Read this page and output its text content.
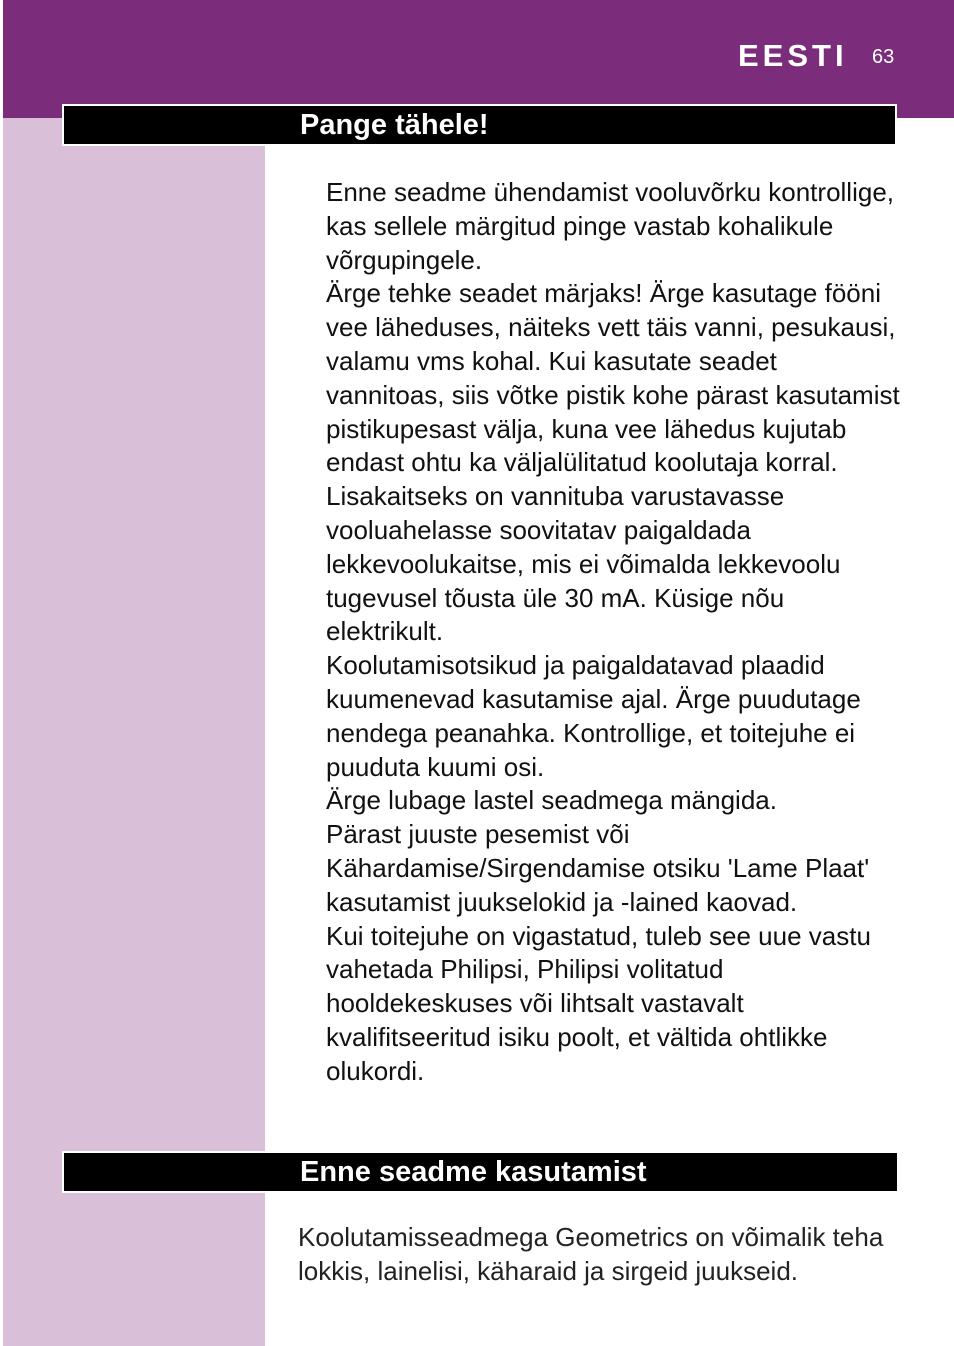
EESTI 63
Pange tähele!
Enne seadme ühendamist vooluvõrku kontrollige, kas sellele märgitud pinge vastab kohalikule võrgupingele.
Ärge tehke seadet märjaks! Ärge kasutage fööni vee läheduses, näiteks vett täis vanni, pesukausi, valamu vms kohal. Kui kasutate seadet vannitoas, siis võtke pistik kohe pärast kasutamist pistikupesast välja, kuna vee lähedus kujutab endast ohtu ka väljalülitatud koolutaja korral.
Lisakaitseks on vannituba varustavasse vooluahelasse soovitatav paigaldada lekkevoolukaitse, mis ei võimalda lekkevoolu tugevusel tõusta üle 30 mA. Küsige nõu elektrikult.
Koolutamisotsikud ja paigaldatavad plaadid kuumenevad kasutamise ajal. Ärge puudutage nendega peanahka. Kontrollige, et toitejuhe ei puuduta kuumi osi.
Ärge lubage lastel seadmega mängida.
Pärast juuste pesemist või Kähardamise/Sirgendamise otsiku 'Lame Plaat' kasutamist juukselokid ja -lained kaovad.
Kui toitejuhe on vigastatud, tuleb see uue vastu vahetada Philipsi, Philipsi volitatud hooldekeskuses või lihtsalt vastavalt kvalifitseeritud isiku poolt, et vältida ohtlikke olukordi.
Enne seadme kasutamist

Koolutamisseadmega Geometrics on võimalik teha lokkis, lainelisi, käharaid ja sirgeid juukseid.
